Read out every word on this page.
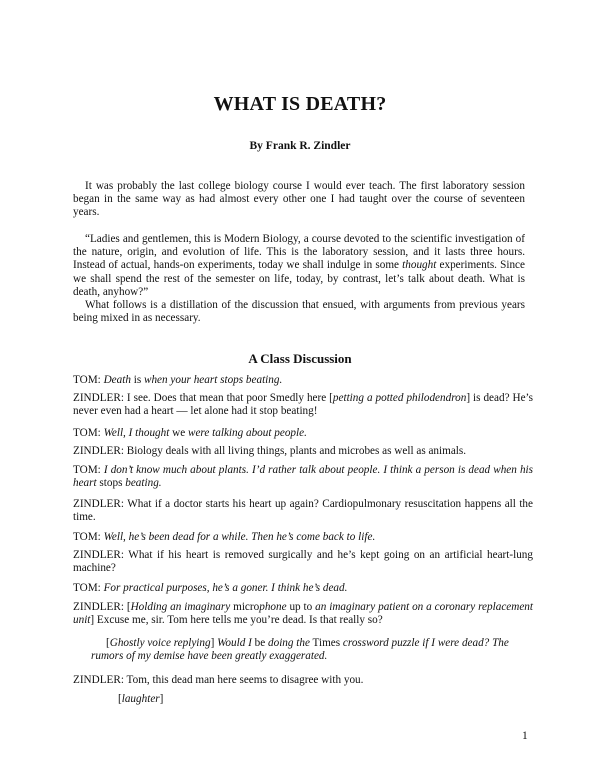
WHAT IS DEATH?
By Frank R. Zindler

It was probably the last college biology course I would ever teach. The first laboratory session began in the same way as had almost every other one I had taught over the course of seventeen years.

“Ladies and gentlemen, this is Modern Biology, a course devoted to the scientific investigation of the nature, origin, and evolution of life. This is the laboratory session, and it lasts three hours. Instead of actual, hands-on experiments, today we shall indulge in some thought experiments. Since we shall spend the rest of the semester on life, today, by contrast, let’s talk about death. What is death, anyhow?”

What follows is a distillation of the discussion that ensued, with arguments from previous years being mixed in as necessary.

A Class Discussion

TOM: Death is when your heart stops beating.

ZINDLER: I see. Does that mean that poor Smedly here [petting a potted philodendron] is dead? He’s never even had a heart — let alone had it stop beating!

TOM: Well, I thought we were talking about people.

ZINDLER: Biology deals with all living things, plants and microbes as well as animals.

TOM: I don’t know much about plants. I’d rather talk about people. I think a person is dead when his heart stops beating.

ZINDLER: What if a doctor starts his heart up again? Cardiopulmonary resuscitation happens all the time.

TOM: Well, he’s been dead for a while. Then he’s come back to life.

ZINDLER: What if his heart is removed surgically and he’s kept going on an artificial heart-lung machine?

TOM: For practical purposes, he’s a goner. I think he’s dead.

ZINDLER: [Holding an imaginary microphone up to an imaginary patient on a coronary replacement unit] Excuse me, sir. Tom here tells me you’re dead. Is that really so?

[Ghostly voice replying] Would I be doing the Times crossword puzzle if I were dead? The rumors of my demise have been greatly exaggerated.

ZINDLER: Tom, this dead man here seems to disagree with you.

[laughter]

1
